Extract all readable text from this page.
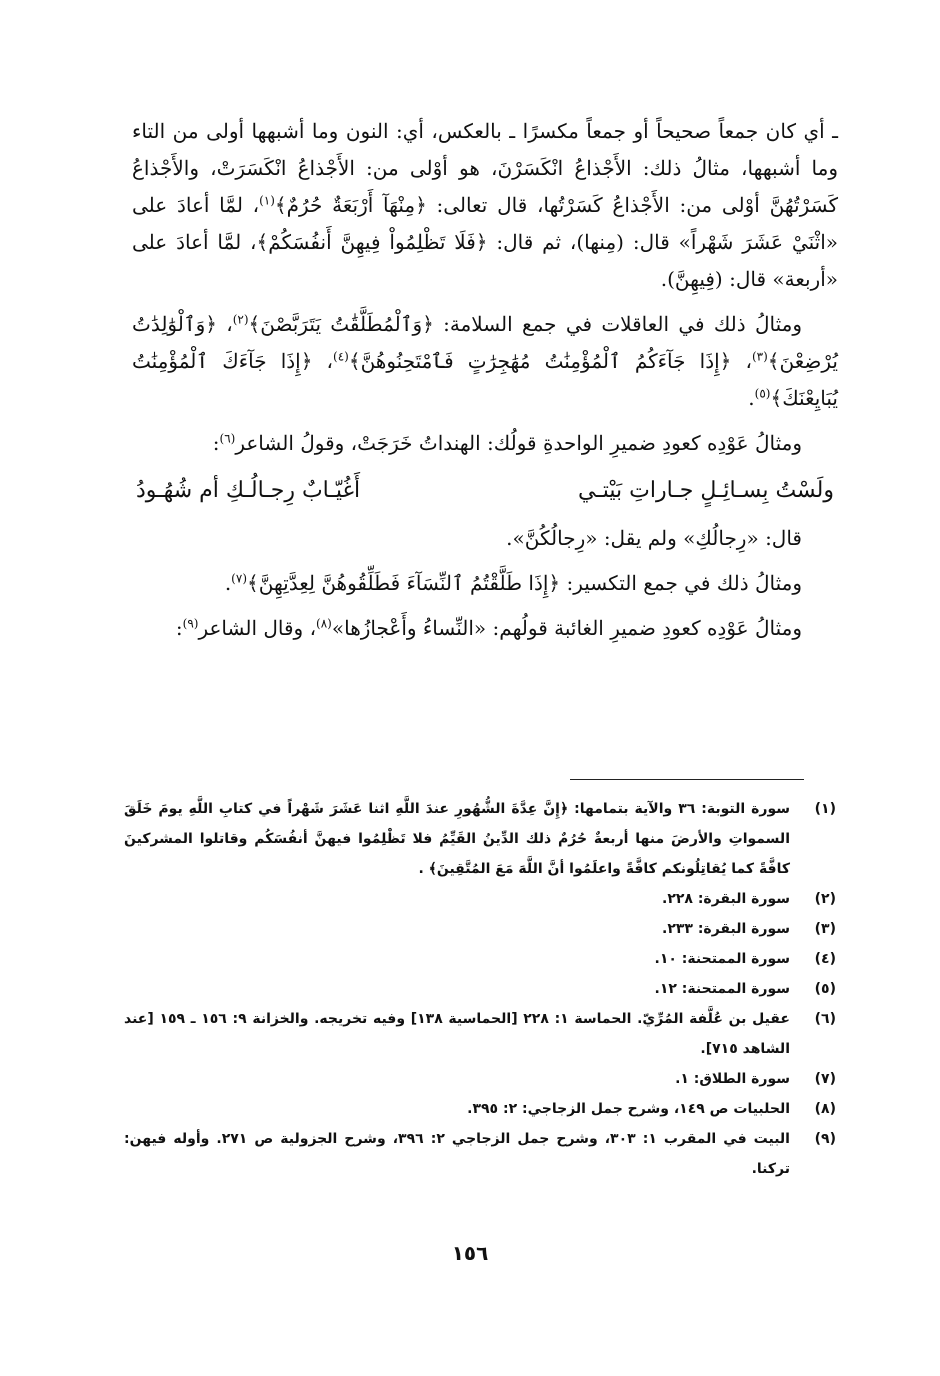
ـ أي كان جمعاً صحيحاً أو جمعاً مكسرًا ـ بالعكس، أي: النون وما أشبهها أولى من التاء وما أشبهها، مثالُ ذلك: الأَجْذاعُ انْكَسَرْنَ، هو أوْلى من: الأَجْذاعُ انْكَسَرَتْ، والأَجْذاعُ كَسَرْتُهُنَّ أوْلى من: الأَجْذاعُ كَسَرْتُها، قال تعالى: ﴿مِنْهَآ أَرْبَعَةٌ حُرُمٌ﴾$^{(١)}$، لمَّا أعادَ على «اثْنَيْ عَشَرَ شَهْراً» قال: (مِنها)، ثم قال: ﴿فَلَا تَظْلِمُواْ فِيهِنَّ أَنفُسَكُمْ﴾، لمَّا أعادَ على «أربعة» قال: (فِيهِنَّ).

ومثالُ ذلك في العاقلات في جمع السلامة: ﴿وَٱلْمُطَلَّقَٰتُ يَتَرَبَّصْنَ﴾$^{(٢)}$، ﴿وَٱلْوَٰلِدَٰتُ يُرْضِعْنَ﴾$^{(٣)}$، ﴿إِذَا جَآءَكُمُ ٱلْمُؤْمِنَٰتُ مُهَٰجِرَٰتٍ فَٱمْتَحِنُوهُنَّ﴾$^{(٤)}$، ﴿إِذَا جَآءَكَ ٱلْمُؤْمِنَٰتُ يُبَايِعْنَكَ﴾$^{(٥)}$.

ومثالُ عَوْدِه كعودِ ضميرِ الواحدةِ قولُك: الهنداتُ خَرَجَتْ، وقولُ الشاعر$^{(٦)}$:

ولَسْتُ بِسـائِـلٍ جـاراتِ بَيْتـي
أَغُيّـابٌ رِجـالُـكِ أم شُهُـودُ

قال: «رِجالُكِ» ولم يقل: «رِجالُكُنَّ».

ومثالُ ذلك في جمع التكسير: ﴿إِذَا طَلَّقْتُمُ ٱلنِّسَآءَ فَطَلِّقُوهُنَّ لِعِدَّتِهِنَّ﴾$^{(٧)}$.

ومثالُ عَوْدِه كعودِ ضميرِ الغائبة قولُهم: «النِّساءُ وأَعْجازُها»$^{(٨)}$، وقال الشاعر$^{(٩)}$:

(١)
سورة التوبة: ٣٦ والآية بتمامها: ﴿إِنَّ عِدَّةَ الشُّهُورِ عندَ اللَّهِ اثنا عَشَرَ شَهْراً في كتابِ اللَّهِ يومَ خَلَقَ السمواتِ والأرضَ منها أربعةٌ حُرُمٌ ذلك الدِّينُ القَيِّمُ فلا تَظْلِمُوا فيهنَّ أنفُسَكُم وقاتلوا المشركينَ كافَّةً كما يُقاتِلُونكم كافَّةً واعلَمُوا أنَّ اللَّهَ مَعَ المُتَّقِينَ﴾ .
(٢)
سورة البقرة: ٢٢٨.
(٣)
سورة البقرة: ٢٣٣.
(٤)
سورة الممتحنة: ١٠.
(٥)
سورة الممتحنة: ١٢.
(٦)
عقيل بن عُلَّفة المُرِّيّ. الحماسة ١: ٢٢٨ [الحماسية ١٣٨] وفيه تخريجه. والخزانة ٩: ١٥٦ ـ ١٥٩ [عند الشاهد ٧١٥].
(٧)
سورة الطلاق: ١.
(٨)
الحلبيات ص ١٤٩، وشرح جمل الزجاجي: ٢: ٣٩٥.
(٩)
البيت في المقرب ١: ٣٠٣، وشرح جمل الزجاجي ٢: ٣٩٦، وشرح الجزولية ص ٢٧١. وأوله فيهن: تركنا.
١٥٦
